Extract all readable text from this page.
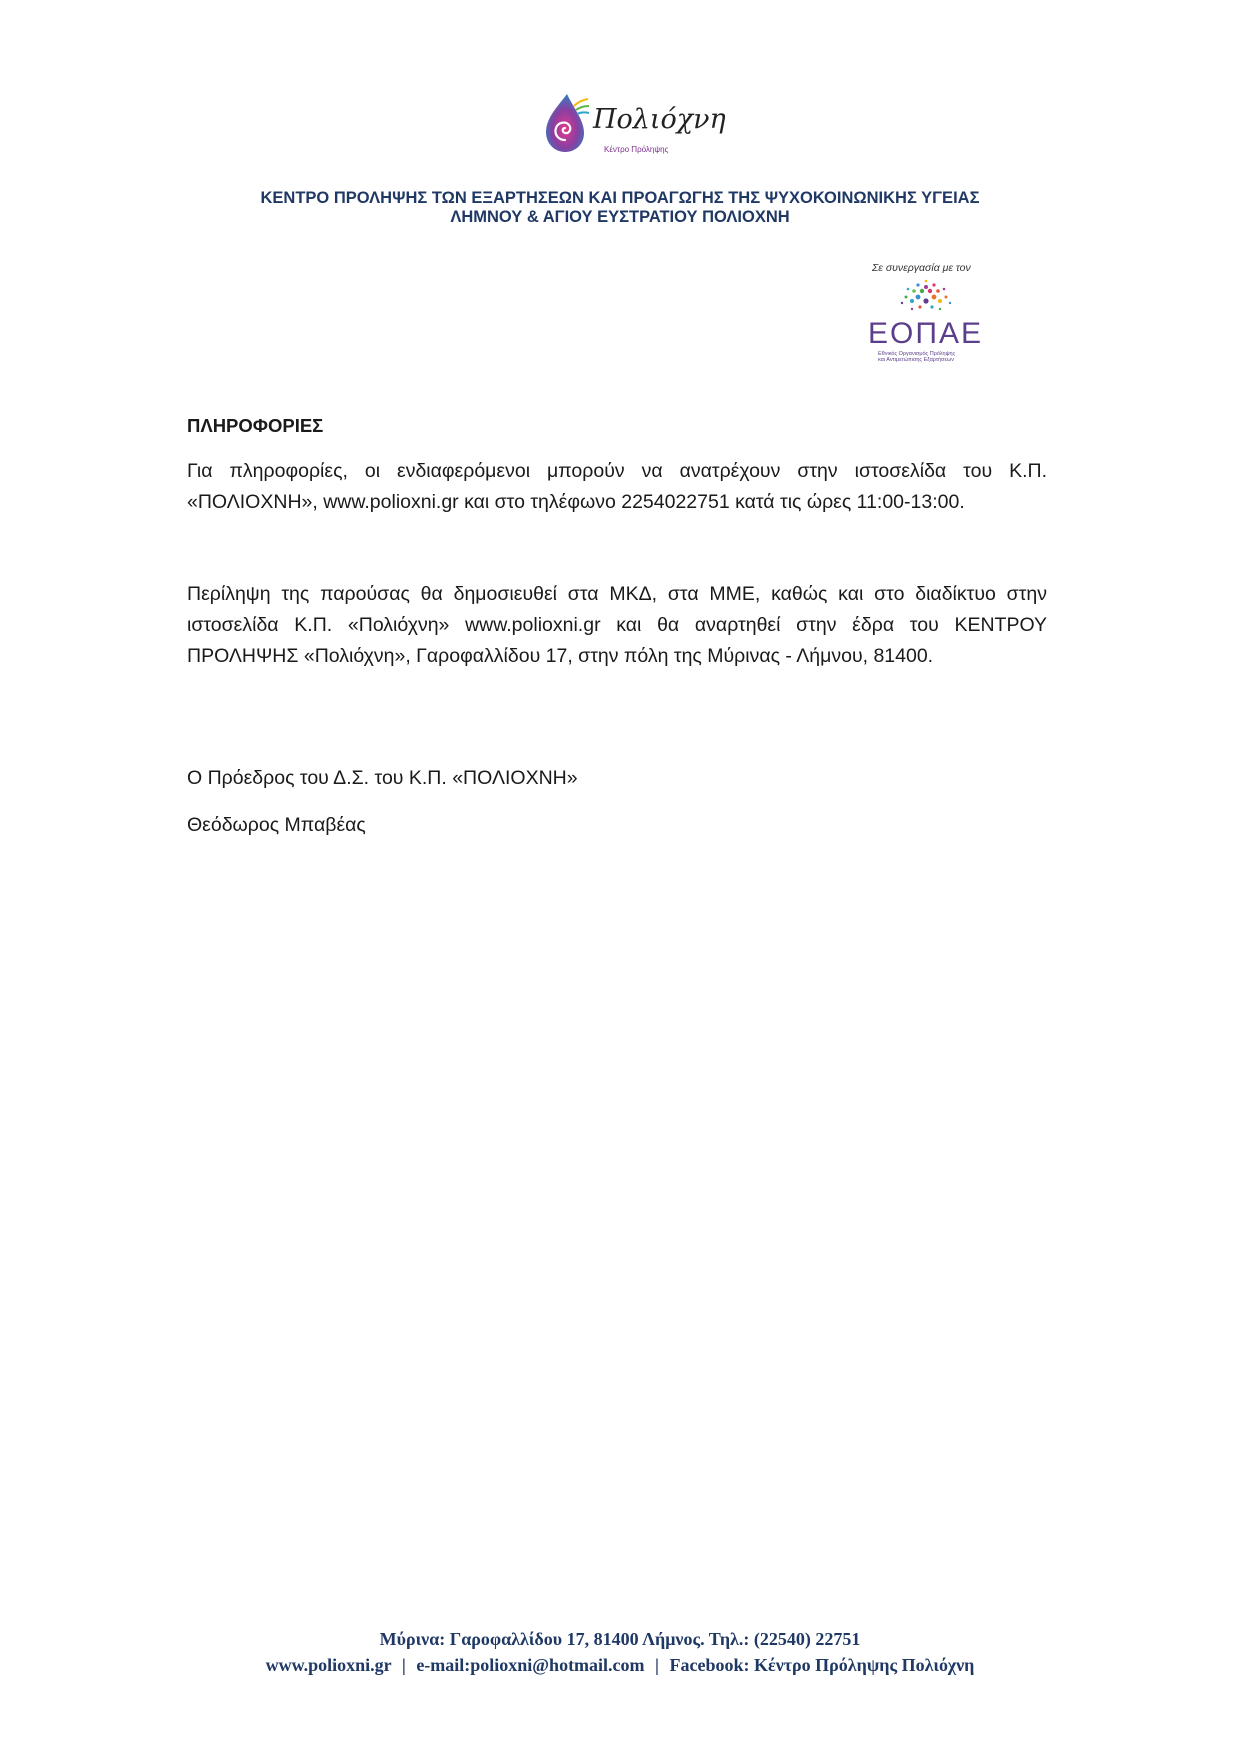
Πολιόχνη
Κέντρο Πρόληψης
ΚΕΝΤΡΟ ΠΡΟΛΗΨΗΣ ΤΩΝ ΕΞΑΡΤΗΣΕΩΝ ΚΑΙ ΠΡΟΑΓΩΓΗΣ ΤΗΣ ΨΥΧΟΚΟΙΝΩΝΙΚΗΣ ΥΓΕΙΑΣ
ΛΗΜΝΟΥ & ΑΓΙΟΥ ΕΥΣΤΡΑΤΙΟΥ ΠΟΛΙΟΧΝΗ
Σε συνεργασία με τον
ΕΟΠΑΕ
Εθνικός Οργανισμός Πρόληψης
και Αντιμετώπισης Εξαρτήσεων
ΠΛΗΡΟΦΟΡΙΕΣ
Για πληροφορίες, οι ενδιαφερόμενοι μπορούν να ανατρέχουν στην ιστοσελίδα του Κ.Π. «ΠΟΛΙΟΧΝΗ», www.polioxni.gr και στο τηλέφωνο 2254022751 κατά τις ώρες 11:00-13:00.
Περίληψη της παρούσας θα δημοσιευθεί στα ΜΚΔ, στα ΜΜΕ, καθώς και στο διαδίκτυο στην ιστοσελίδα Κ.Π. «Πολιόχνη» www.polioxni.gr και θα αναρτηθεί στην έδρα του ΚΕΝΤΡΟΥ ΠΡΟΛΗΨΗΣ «Πολιόχνη», Γαροφαλλίδου 17, στην πόλη της Μύρινας - Λήμνου, 81400.
Ο Πρόεδρος του Δ.Σ. του Κ.Π. «ΠΟΛΙΟΧΝΗ»
Θεόδωρος Μπαβέας
Μύρινα: Γαροφαλλίδου 17, 81400 Λήμνος. Τηλ.: (22540) 22751
www.polioxni.gr | e-mail:polioxni@hotmail.com | Facebook: Κέντρο Πρόληψης Πολιόχνη
